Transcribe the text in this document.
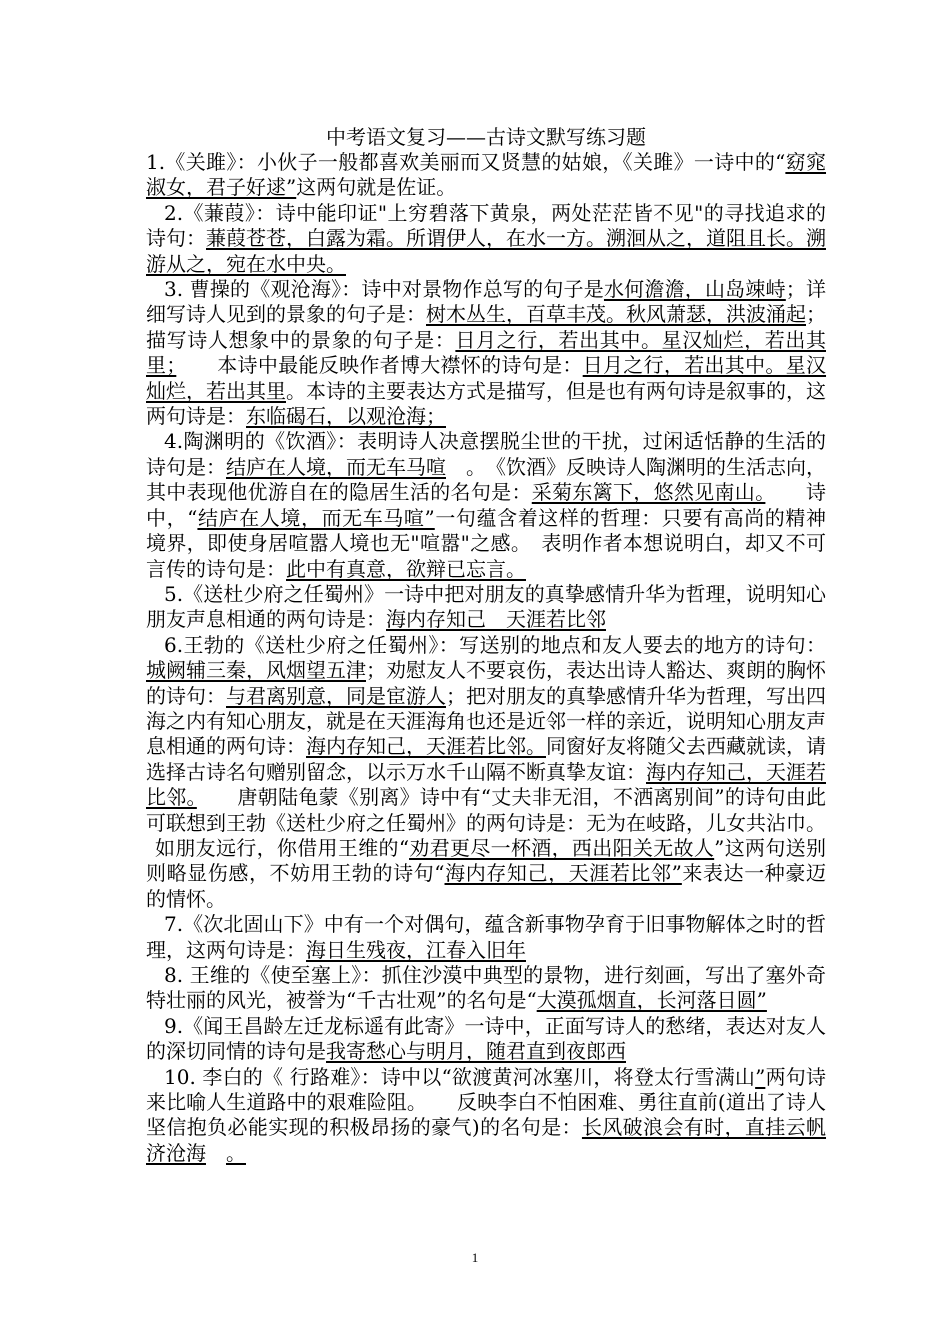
中考语文复习——古诗文默写练习题

1.《关雎》：小伙子一般都喜欢美丽而又贤慧的姑娘，《关雎》一诗中的“窈窕淑女，君子好逑”这两句就是佐证。

2.《蒹葭》：诗中能印证"上穷碧落下黄泉，两处茫茫皆不见"的寻找追求的诗句：蒹葭苍苍，白露为霜。所谓伊人，在水一方。溯洄从之，道阻且长。溯游从之，宛在水中央。

3. 曹操的《观沧海》：诗中对景物作总写的句子是水何澹澹，山岛竦峙；详细写诗人见到的景象的句子是：树木丛生，百草丰茂。秋风萧瑟，洪波涌起；描写诗人想象中的景象的句子是：日月之行，若出其中。星汉灿烂，若出其里；　　本诗中最能反映作者博大襟怀的诗句是：日月之行，若出其中。星汉灿烂，若出其里。本诗的主要表达方式是描写，但是也有两句诗是叙事的，这两句诗是：东临碣石，以观沧海；

4.陶渊明的《饮酒》：表明诗人决意摆脱尘世的干扰，过闲适恬静的生活的诗句是：结庐在人境，而无车马喧　。　《饮酒》反映诗人陶渊明的生活志向，其中表现他优游自在的隐居生活的名句是：采菊东篱下，悠然见南山。　　诗中，“结庐在人境，而无车马喧”一句蕴含着这样的哲理：只要有高尚的精神境界，即使身居喧嚣人境也无"喧嚣"之感。　表明作者本想说明白，却又不可言传的诗句是：此中有真意，欲辩已忘言。

5.《送杜少府之任蜀州》一诗中把对朋友的真挚感情升华为哲理，说明知心朋友声息相通的两句诗是：海内存知己　天涯若比邻

6.王勃的《送杜少府之任蜀州》：写送别的地点和友人要去的地方的诗句：城阙辅三秦，风烟望五津；劝慰友人不要哀伤，表达出诗人豁达、爽朗的胸怀的诗句：与君离别意，同是宦游人；把对朋友的真挚感情升华为哲理，写出四海之内有知心朋友，就是在天涯海角也还是近邻一样的亲近，说明知心朋友声息相通的两句诗：海内存知己，天涯若比邻。同窗好友将随父去西藏就读，请选择古诗名句赠别留念，以示万水千山隔不断真挚友谊：海内存知己，天涯若比邻。　　唐朝陆龟蒙《别离》诗中有“丈夫非无泪，不洒离别间”的诗句由此可联想到王勃《送杜少府之任蜀州》的两句诗是：无为在岐路，儿女共沾巾。

如朋友远行，你借用王维的“劝君更尽一杯酒，西出阳关无故人”这两句送别则略显伤感，不妨用王勃的诗句“海内存知己，天涯若比邻”来表达一种豪迈的情怀。

7.《次北固山下》中有一个对偶句，蕴含新事物孕育于旧事物解体之时的哲理，这两句诗是：海日生残夜，江春入旧年

8. 王维的《使至塞上》：抓住沙漠中典型的景物，进行刻画，写出了塞外奇特壮丽的风光，被誉为“千古壮观”的名句是“大漠孤烟直，长河落日圆”

9.《闻王昌龄左迁龙标遥有此寄》一诗中，正面写诗人的愁绪，表达对友人的深切同情的诗句是我寄愁心与明月，随君直到夜郎西

10. 李白的《 行路难》：诗中以“欲渡黄河冰塞川，将登太行雪满山”两句诗来比喻人生道路中的艰难险阻。　　反映李白不怕困难、勇往直前(道出了诗人坚信抱负必能实现的积极昂扬的豪气)的名句是：长风破浪会有时，直挂云帆济沧海　 。

1
